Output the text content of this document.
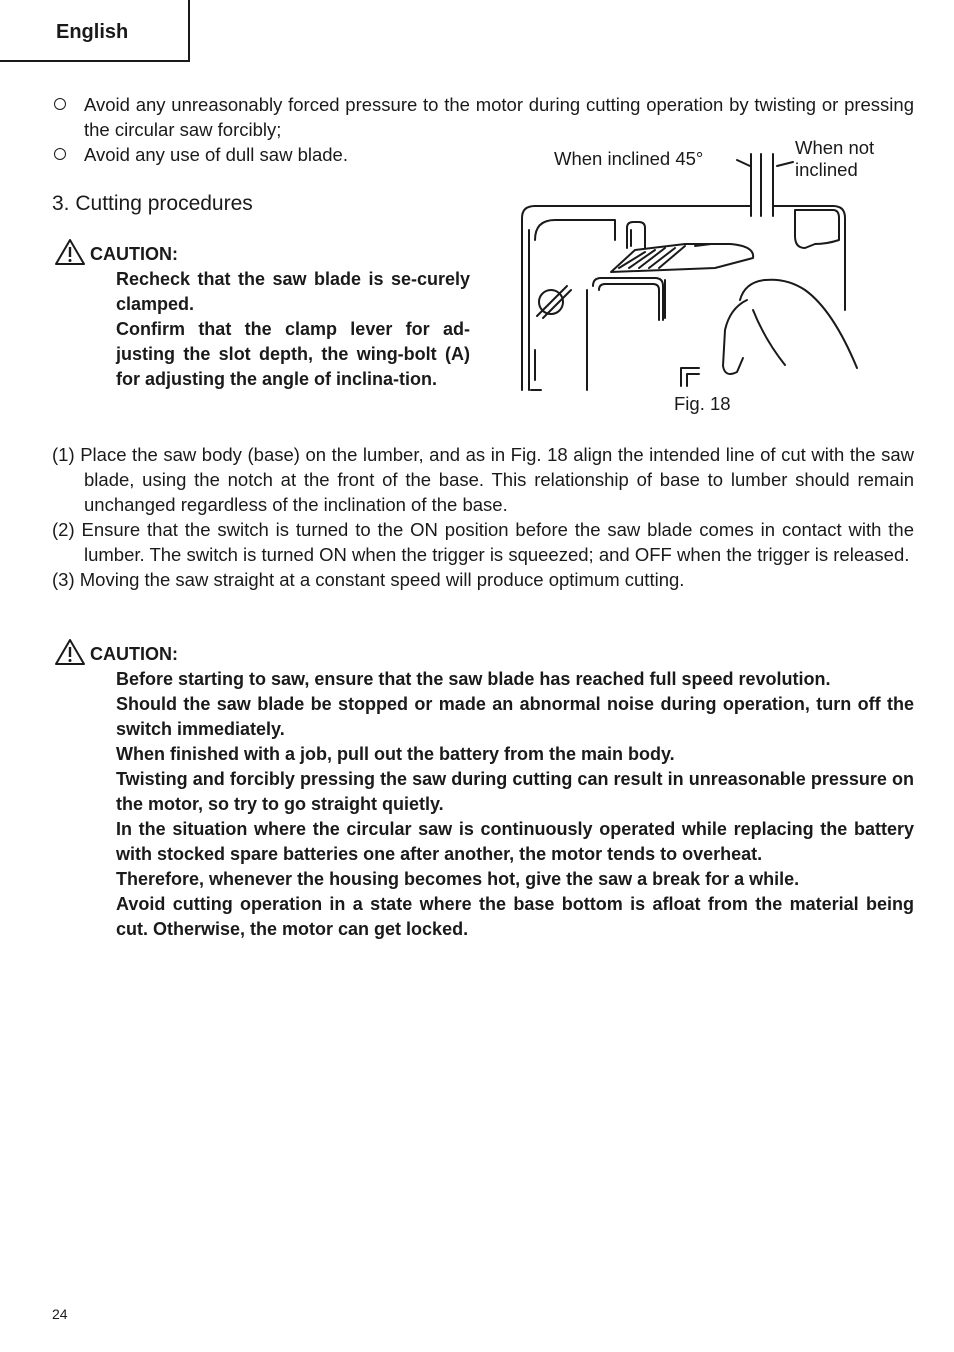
English
Avoid any unreasonably forced pressure to the motor during cutting operation by twisting or pressing the circular saw forcibly;
Avoid any use of dull saw blade.
3. Cutting procedures
CAUTION:
Recheck that the saw blade is se-curely clamped.
Confirm that the clamp lever for ad-justing the slot depth, the wing-bolt (A) for adjusting the angle of inclina-tion.
When inclined 45°
When not inclined
Fig. 18
(1) Place the saw body (base) on the lumber, and as in Fig. 18 align the intended line of cut with the saw blade, using the notch at the front of the base. This relationship of base to lumber should remain unchanged regardless of the inclination of the base.
(2) Ensure that the switch is turned to the ON position before the saw blade comes in contact with the lumber. The switch is turned ON when the trigger is squeezed; and OFF when the trigger is released.
(3) Moving the saw straight at a constant speed will produce optimum cutting.
CAUTION:
Before starting to saw, ensure that the saw blade has reached full speed revolution.
Should the saw blade be stopped or made an abnormal noise during operation, turn off the switch immediately.
When finished with a job, pull out the battery from the main body.
Twisting and forcibly pressing the saw during cutting can result in unreasonable pressure on the motor, so try to go straight quietly.
In the situation where the circular saw is continuously operated while replacing the battery with stocked spare batteries one after another, the motor tends to overheat.
Therefore, whenever the housing becomes hot, give the saw a break for a while.
Avoid cutting operation in a state where the base bottom is afloat from the material being cut. Otherwise, the motor can get locked.
24
